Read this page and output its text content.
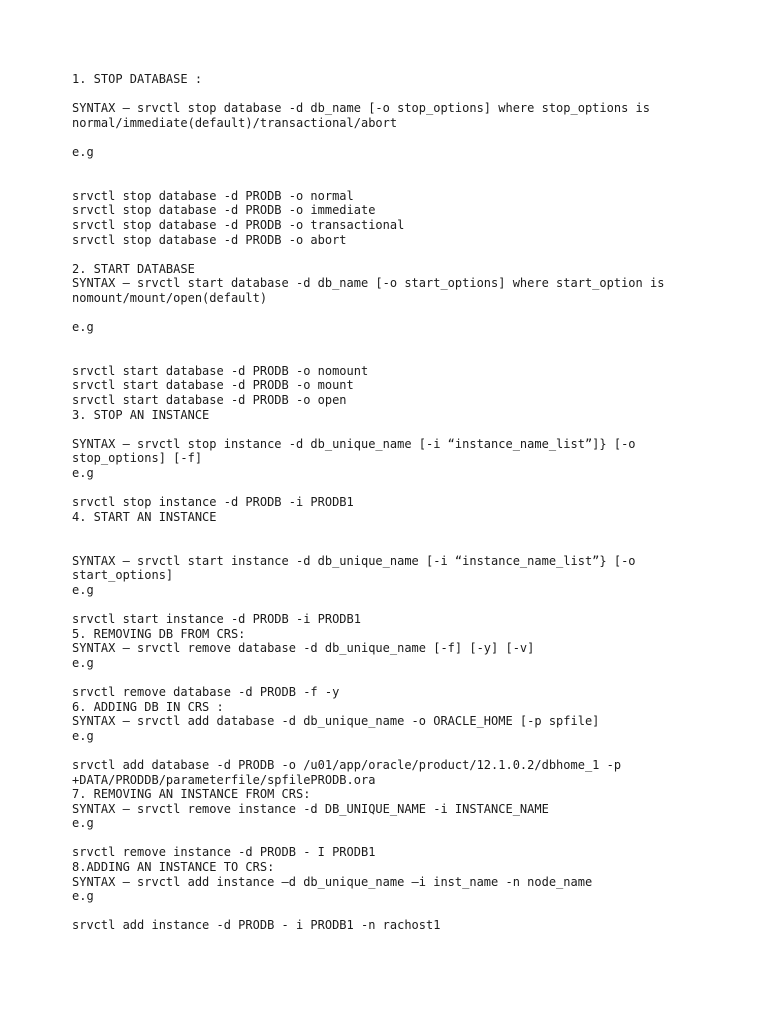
1. STOP DATABASE :
SYNTAX – srvctl stop database -d db_name [-o stop_options] where stop_options is
normal/immediate(default)/transactional/abort
e.g
srvctl stop database -d PRODB -o normal
srvctl stop database -d PRODB -o immediate
srvctl stop database -d PRODB -o transactional
srvctl stop database -d PRODB -o abort
2. START DATABASE
SYNTAX – srvctl start database -d db_name [-o start_options] where start_option is
nomount/mount/open(default)
e.g
srvctl start database -d PRODB -o nomount
srvctl start database -d PRODB -o mount
srvctl start database -d PRODB -o open
3. STOP AN INSTANCE
SYNTAX – srvctl stop instance -d db_unique_name [-i “instance_name_list”]} [-o
stop_options] [-f]
e.g
srvctl stop instance -d PRODB -i PRODB1
4. START AN INSTANCE
SYNTAX – srvctl start instance -d db_unique_name [-i “instance_name_list”} [-o
start_options]
e.g
srvctl start instance -d PRODB -i PRODB1
5. REMOVING DB FROM CRS:
SYNTAX – srvctl remove database -d db_unique_name [-f] [-y] [-v]
e.g
srvctl remove database -d PRODB -f -y
6. ADDING DB IN CRS :
SYNTAX – srvctl add database -d db_unique_name -o ORACLE_HOME [-p spfile]
e.g
srvctl add database -d PRODB -o /u01/app/oracle/product/12.1.0.2/dbhome_1 -p
+DATA/PRODDB/parameterfile/spfilePRODB.ora
7. REMOVING AN INSTANCE FROM CRS:
SYNTAX – srvctl remove instance -d DB_UNIQUE_NAME -i INSTANCE_NAME
e.g
srvctl remove instance -d PRODB - I PRODB1
8.ADDING AN INSTANCE TO CRS:
SYNTAX – srvctl add instance –d db_unique_name –i inst_name -n node_name
e.g
srvctl add instance -d PRODB - i PRODB1 -n rachost1
